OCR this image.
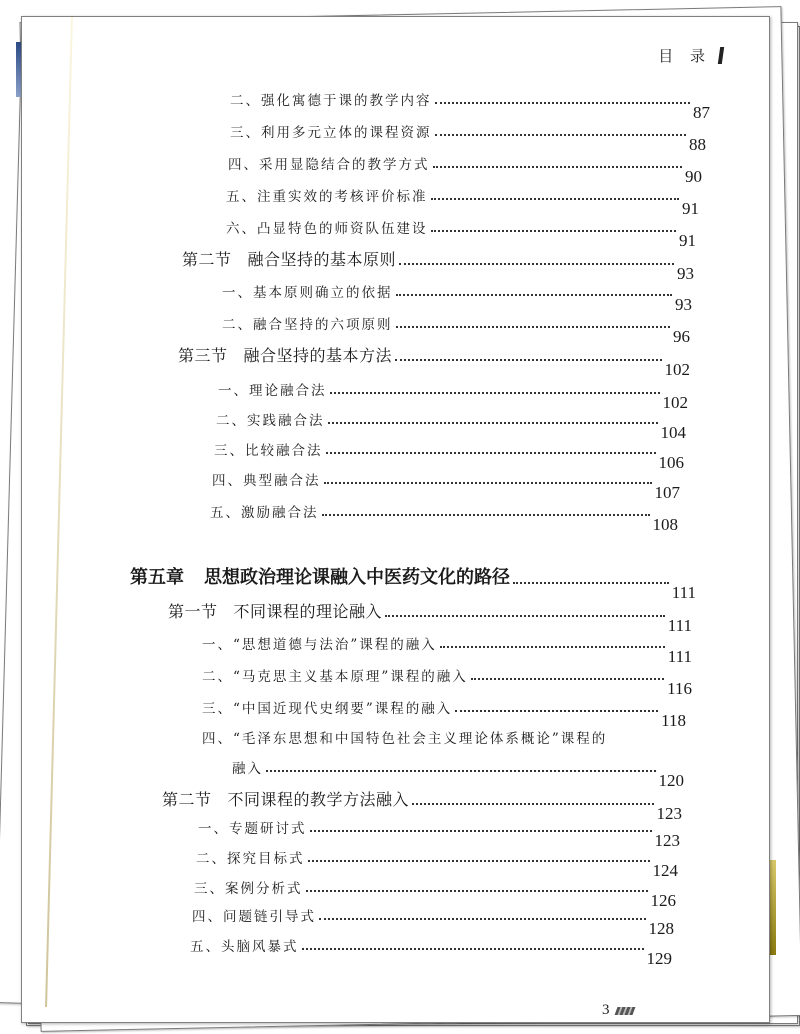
目 录
二、强化寓德于课的教学内容
87
三、利用多元立体的课程资源
88
四、采用显隐结合的教学方式
90
五、注重实效的考核评价标准
91
六、凸显特色的师资队伍建设
91
第二节 融合坚持的基本原则
93
一、基本原则确立的依据
93
二、融合坚持的六项原则
96
第三节 融合坚持的基本方法
102
一、理论融合法
102
二、实践融合法
104
三、比较融合法
106
四、典型融合法
107
五、激励融合法
108
第五章 思想政治理论课融入中医药文化的路径
111
第一节 不同课程的理论融入
111
一、“思想道德与法治”课程的融入
111
二、“马克思主义基本原理”课程的融入
116
三、“中国近现代史纲要”课程的融入
118
四、“毛泽东思想和中国特色社会主义理论体系概论”课程的
融入
120
第二节 不同课程的教学方法融入
123
一、专题研讨式
123
二、探究目标式
124
三、案例分析式
126
四、问题链引导式
128
五、头脑风暴式
129
3
